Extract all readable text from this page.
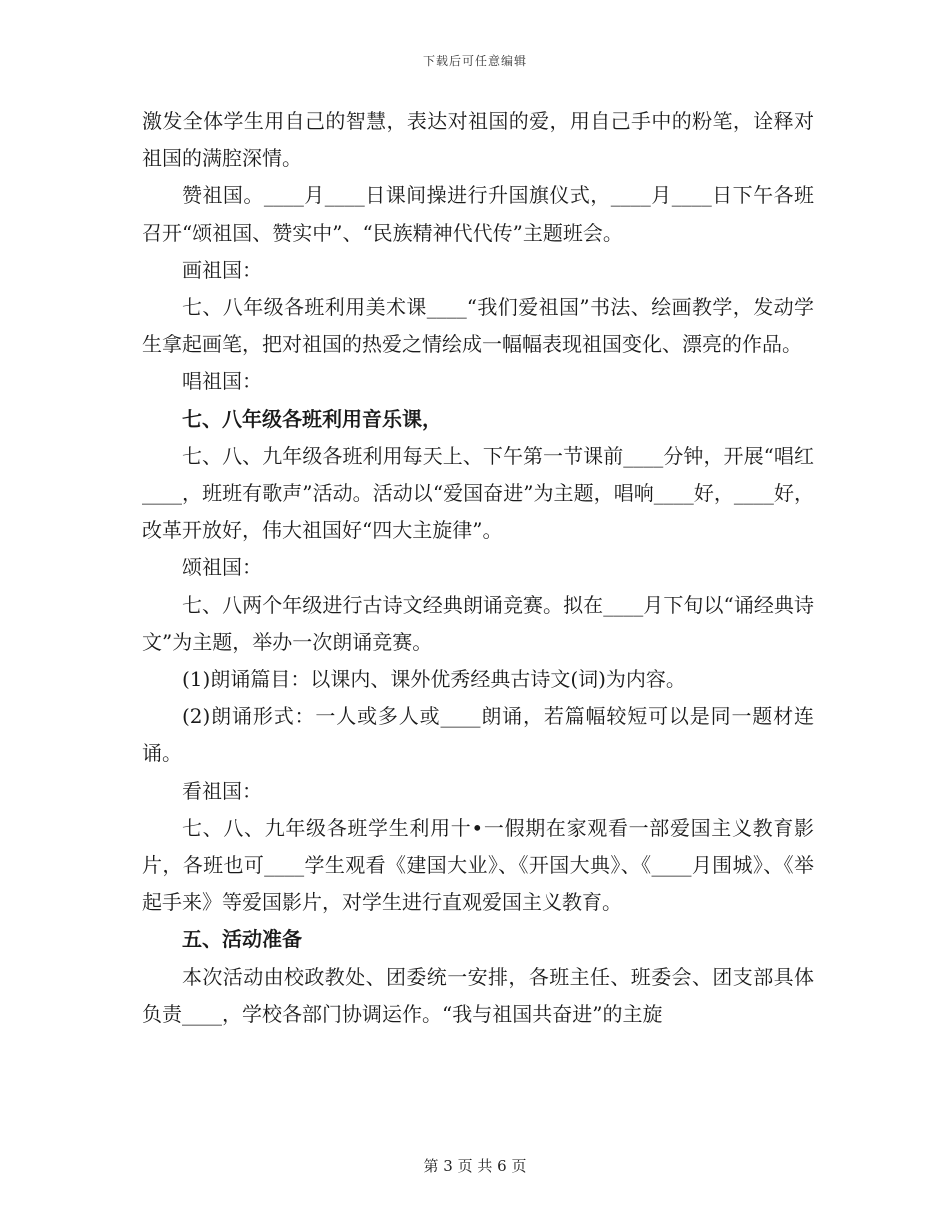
下载后可任意编辑

激发全体学生用自己的智慧，表达对祖国的爱，用自己手中的粉笔，诠释对祖国的满腔深情。

赞祖国。____月____日课间操进行升国旗仪式，____月____日下午各班召开“颂祖国、赞实中”、“民族精神代代传”主题班会。

画祖国：

七、八年级各班利用美术课____“我们爱祖国”书法、绘画教学，发动学生拿起画笔，把对祖国的热爱之情绘成一幅幅表现祖国变化、漂亮的作品。

唱祖国：

七、八年级各班利用音乐课，

七、八、九年级各班利用每天上、下午第一节课前____分钟，开展“唱红____，班班有歌声”活动。活动以“爱国奋进”为主题，唱响____好，____好，改革开放好，伟大祖国好“四大主旋律”。

颂祖国：

七、八两个年级进行古诗文经典朗诵竞赛。拟在____月下旬以“诵经典诗文”为主题，举办一次朗诵竞赛。

(1)朗诵篇目：以课内、课外优秀经典古诗文(词)为内容。

(2)朗诵形式：一人或多人或____朗诵，若篇幅较短可以是同一题材连诵。

看祖国：

七、八、九年级各班学生利用十•一假期在家观看一部爱国主义教育影片，各班也可____学生观看《建国大业》、《开国大典》、《____月围城》、《举起手来》等爱国影片，对学生进行直观爱国主义教育。

五、活动准备

本次活动由校政教处、团委统一安排，各班主任、班委会、团支部具体负责____，学校各部门协调运作。“我与祖国共奋进”的主旋

第 3 页 共 6 页
